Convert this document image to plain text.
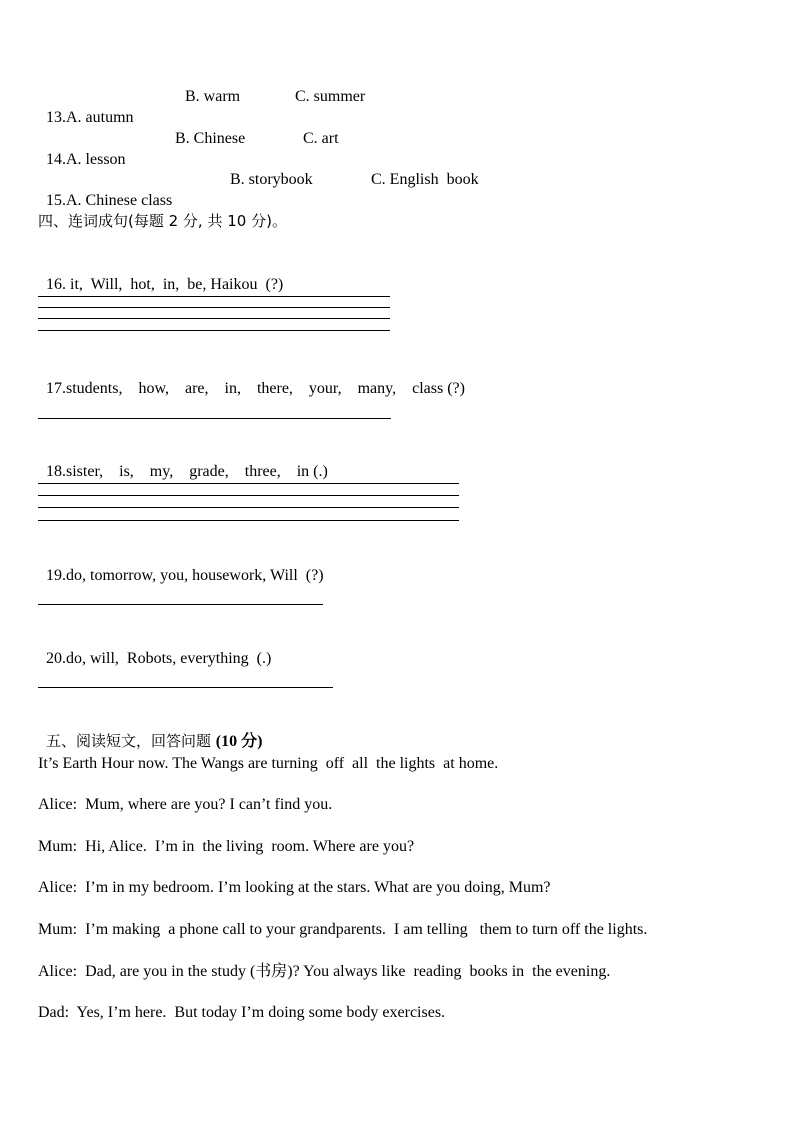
13.A. autumn

B. warm	C. summer

14.A. lesson

B. Chinese	C. art

15.A. Chinese class

B. storybook	C. English  book
四、连词成句(每题 2 分, 共 10 分)。

16. it,  Will,  hot,  in,  be, Haikou  (?)

17.students,    how,    are,    in,    there,    your,    many,    class (?)

18.sister,    is,    my,    grade,    three,    in (.)

19.do, tomorrow, you, housework, Will  (?)

20.do, will,  Robots, everything  (.)

五、阅读短文，回答问题 (10 分)

It’s Earth Hour now. The Wangs are turning  off  all  the lights  at home.
Alice:  Mum, where are you? I can’t find you.
Mum:  Hi, Alice.  I’m in  the living  room. Where are you?
Alice:  I’m in my bedroom. I’m looking at the stars. What are you doing, Mum?
Mum:  I’m making  a phone call to your grandparents.  I am telling   them to turn off the lights.
Alice:  Dad, are you in the study (书房)? You always like  reading  books in  the evening.
Dad:  Yes, I’m here.  But today I’m doing some body exercises.
